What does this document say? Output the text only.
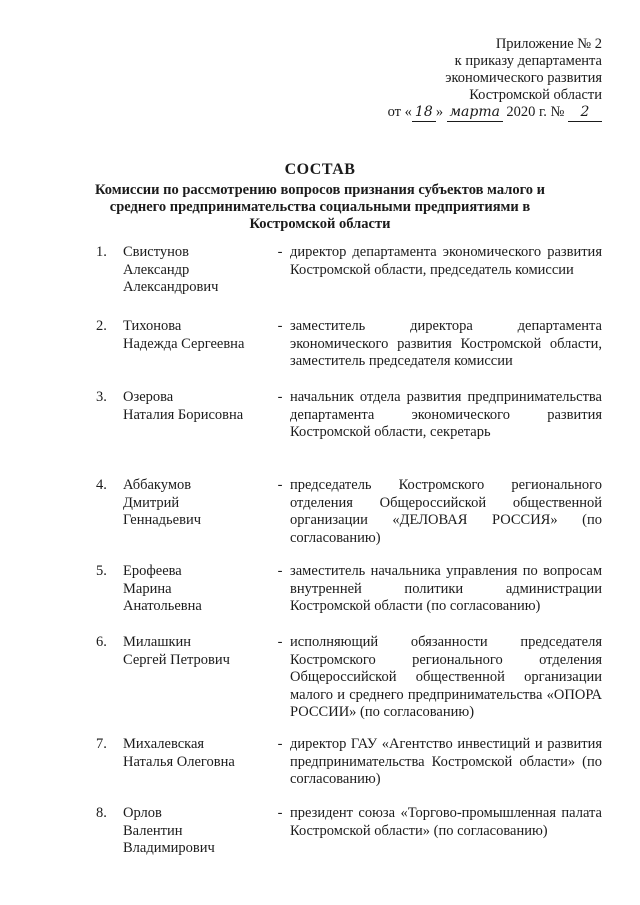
Приложение № 2
к приказу департамента
экономического развития
Костромской области
от « 18 » марта 2020 г. № 2
СОСТАВ
Комиссии по рассмотрению вопросов признания субъектов малого и
среднего предпринимательства социальными предприятиями в
Костромской области
1.	Свистунов
Александр
Александрович
- директор департамента экономического развития Костромской области, председатель комиссии
2.	Тихонова
Надежда Сергеевна
- заместитель директора департамента экономического развития Костромской области, заместитель председателя комиссии
3.	Озерова
Наталия Борисовна
- начальник отдела развития предпринимательства департамента экономического развития Костромской области, секретарь
4.	Аббакумов
Дмитрий
Геннадьевич
- председатель Костромского регионального отделения Общероссийской общественной организации «ДЕЛОВАЯ РОССИЯ» (по согласованию)
5.	Ерофеева
Марина
Анатольевна
- заместитель начальника управления по вопросам внутренней политики администрации Костромской области (по согласованию)
6.	Милашкин
Сергей Петрович
- исполняющий обязанности председателя Костромского регионального отделения Общероссийской общественной организации малого и среднего предпринимательства «ОПОРА РОССИИ» (по согласованию)
7.	Михалевская
Наталья Олеговна
- директор ГАУ «Агентство инвестиций и развития предпринимательства Костромской области» (по согласованию)
8.	Орлов
Валентин
Владимирович
- президент союза «Торгово-промышленная палата Костромской области» (по согласованию)
